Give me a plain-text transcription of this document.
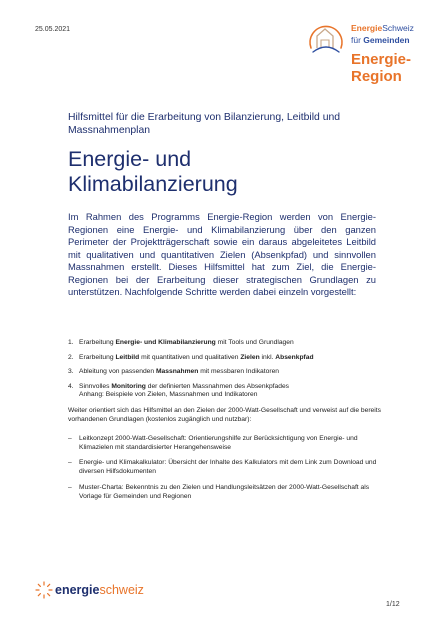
25.05.2021	EnergieSchweiz
für Gemeinden
Energie-
Region
Hilfsmittel für die Erarbeitung von Bilanzierung, Leitbild und Massnahmenplan
Energie- und
Klimabilanzierung
Im Rahmen des Programms Energie-Region werden von Energie-Regionen eine Energie- und Klimabilanzierung über den ganzen Perimeter der Projektträgerschaft sowie ein daraus abgeleitetes Leitbild mit qualitativen und quantitativen Zielen (Absenkpfad) und sinnvollen Massnahmen erstellt. Dieses Hilfsmittel hat zum Ziel, die Energie-Regionen bei der Erarbeitung dieser strategischen Grundlagen zu unterstützen. Nachfolgende Schritte werden dabei einzeln vorgestellt:
1. Erarbeitung Energie- und Klimabilanzierung mit Tools und Grundlagen
2. Erarbeitung Leitbild mit quantitativen und qualitativen Zielen inkl. Absenkpfad
3. Ableitung von passenden Massnahmen mit messbaren Indikatoren
4. Sinnvolles Monitoring der definierten Massnahmen des Absenkpfades
Anhang: Beispiele von Zielen, Massnahmen und Indikatoren
Weiter orientiert sich das Hilfsmittel an den Zielen der 2000-Watt-Gesellschaft und verweist auf die bereits vorhandenen Grundlagen (kostenlos zugänglich und nutzbar):
– Leitkonzept 2000-Watt-Gesellschaft: Orientierungshilfe zur Berücksichtigung von Energie- und Klimazielen mit standardisierter Herangehensweise
– Energie- und Klimakalkulator: Übersicht der Inhalte des Kalkulators mit dem Link zum Download und diversen Hilfsdokumenten
– Muster-Charta: Bekenntnis zu den Zielen und Handlungsleitsätzen der 2000-Watt-Gesellschaft als Vorlage für Gemeinden und Regionen
energieschweiz
1/12
